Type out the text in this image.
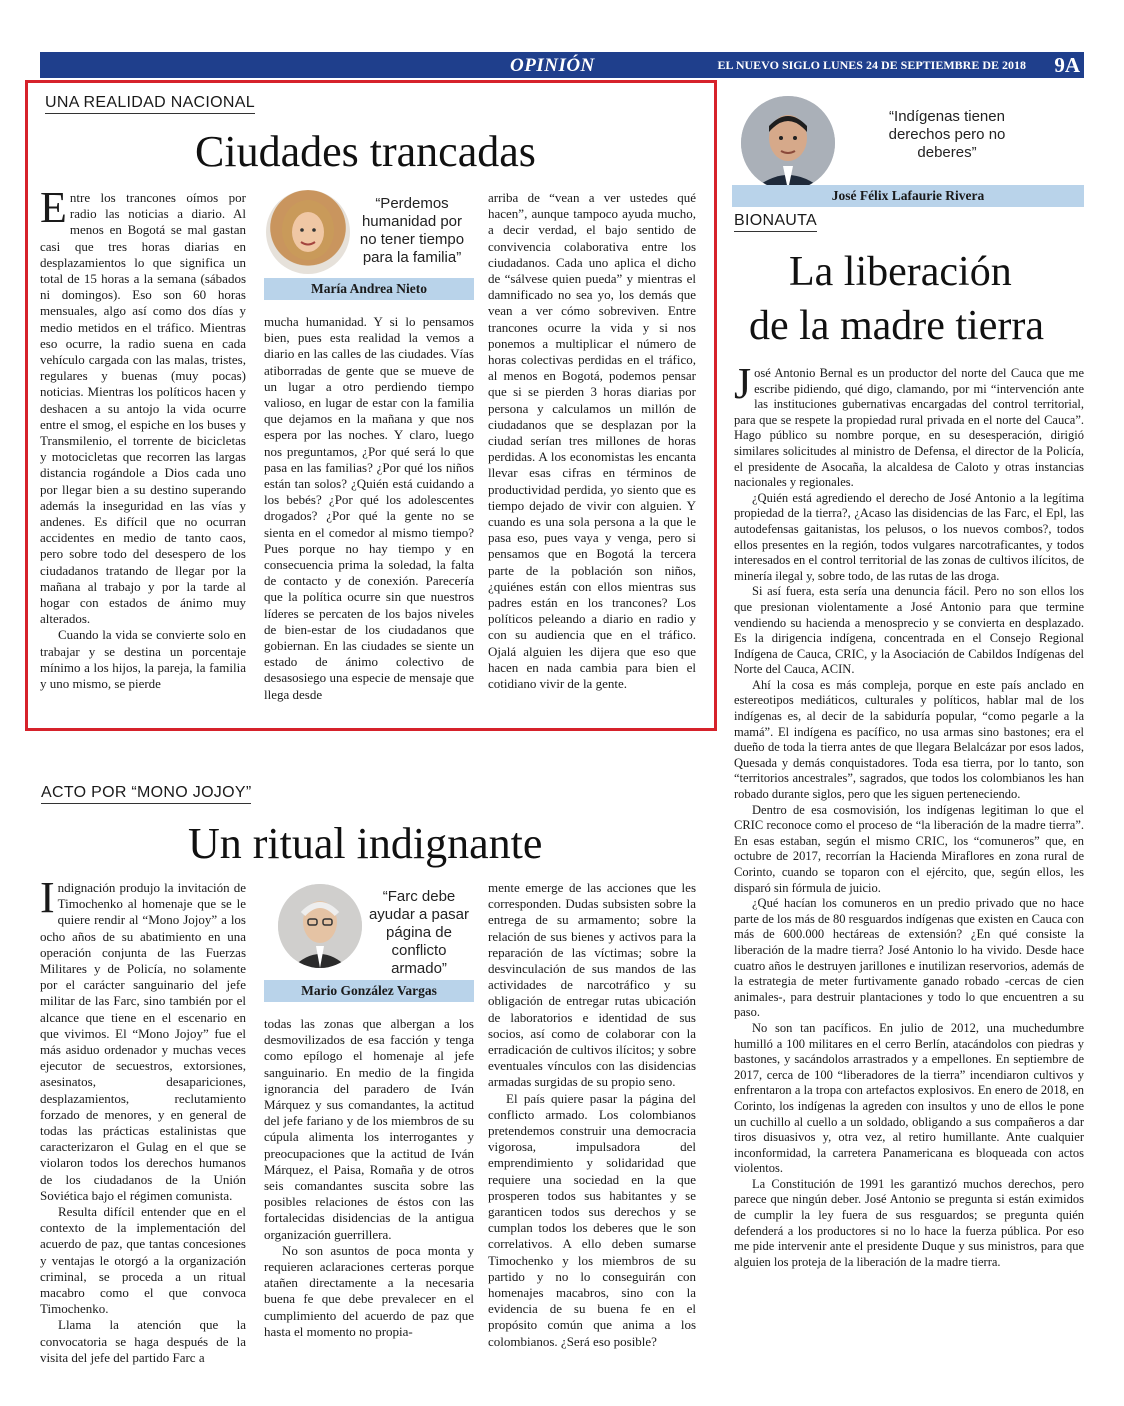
OPINIÓN	EL NUEVO SIGLO LUNES 24 DE SEPTIEMBRE DE 2018 9A
UNA REALIDAD NACIONAL
Ciudades trancadas

Entre los trancones oímos por radio las noticias a diario. Al menos en Bogotá se mal gastan casi que tres horas diarias en desplazamientos lo que significa un total de 15 horas a la semana (sábados ni domingos). Eso son 60 horas mensuales, algo así como dos días y medio metidos en el tráfico. Mientras eso ocurre, la radio suena en cada vehículo cargada con las malas, tristes, regulares y buenas (muy pocas) noticias. Mientras los políticos hacen y deshacen a su antojo la vida ocurre entre el smog, el espiche en los buses y Transmilenio, el torrente de bicicletas y motocicletas que recorren las largas distancia rogándole a Dios cada uno por llegar bien a su destino superando además la inseguridad en las vías y andenes. Es difícil que no ocurran accidentes en medio de tanto caos, pero sobre todo del desespero de los ciudadanos tratando de llegar por la mañana al trabajo y por la tarde al hogar con estados de ánimo muy alterados.

Cuando la vida se convierte solo en trabajar y se destina un porcentaje mínimo a los hijos, la pareja, la familia y uno mismo, se pierde

“Perdemos humanidad por no tener tiempo para la familia”
María Andrea Nieto

mucha humanidad. Y si lo pensamos bien, pues esta realidad la vemos a diario en las calles de las ciudades. Vías atiborradas de gente que se mueve de un lugar a otro perdiendo tiempo valioso, en lugar de estar con la familia que dejamos en la mañana y que nos espera por las noches. Y claro, luego nos preguntamos, ¿Por qué será lo que pasa en las familias? ¿Por qué los niños están tan solos? ¿Quién está cuidando a los bebés? ¿Por qué los adolescentes drogados? ¿Por qué la gente no se sienta en el comedor al mismo tiempo? Pues porque no hay tiempo y en consecuencia prima la soledad, la falta de contacto y de conexión. Parecería que la política ocurre sin que nuestros líderes se percaten de los bajos niveles de bien-estar de los ciudadanos que gobiernan. En las ciudades se siente un estado de ánimo colectivo de desasosiego una especie de mensaje que llega desde

arriba de “vean a ver ustedes qué hacen”, aunque tampoco ayuda mucho, a decir verdad, el bajo sentido de convivencia colaborativa entre los ciudadanos. Cada uno aplica el dicho de “sálvese quien pueda” y mientras el damnificado no sea yo, los demás que vean a ver cómo sobreviven. Entre trancones ocurre la vida y si nos ponemos a multiplicar el número de horas colectivas perdidas en el tráfico, al menos en Bogotá, podemos pensar que si se pierden 3 horas diarias por persona y calculamos un millón de ciudadanos que se desplazan por la ciudad serían tres millones de horas perdidas. A los economistas les encanta llevar esas cifras en términos de productividad perdida, yo siento que es tiempo dejado de vivir con alguien. Y cuando es una sola persona a la que le pasa eso, pues vaya y venga, pero si pensamos que en Bogotá la tercera parte de la población son niños, ¿quiénes están con ellos mientras sus padres están en los trancones? Los políticos peleando a diario en radio y con su audiencia que en el tráfico. Ojalá alguien les dijera que eso que hacen en nada cambia para bien el cotidiano vivir de la gente.

ACTO POR “MONO JOJOY”
Un ritual indignante

Indignación produjo la invitación de Timochenko al homenaje que se le quiere rendir al “Mono Jojoy” a los ocho años de su abatimiento en una operación conjunta de las Fuerzas Militares y de Policía, no solamente por el carácter sanguinario del jefe militar de las Farc, sino también por el alcance que tiene en el escenario en que vivimos. El “Mono Jojoy” fue el más asiduo ordenador y muchas veces ejecutor de secuestros, extorsiones, asesinatos, desapariciones, desplazamientos, reclutamiento forzado de menores, y en general de todas las prácticas estalinistas que caracterizaron el Gulag en el que se violaron todos los derechos humanos de los ciudadanos de la Unión Soviética bajo el régimen comunista.

Resulta difícil entender que en el contexto de la implementación del acuerdo de paz, que tantas concesiones y ventajas le otorgó a la organización criminal, se proceda a un ritual macabro como el que convoca Timochenko.

Llama la atención que la convocatoria se haga después de la visita del jefe del partido Farc a

“Farc debe ayudar a pasar página de conflicto armado”
Mario González Vargas

todas las zonas que albergan a los desmovilizados de esa facción y tenga como epílogo el homenaje al jefe sanguinario. En medio de la fingida ignorancia del paradero de Iván Márquez y sus comandantes, la actitud del jefe fariano y de los miembros de su cúpula alimenta los interrogantes y preocupaciones que la actitud de Iván Márquez, el Paisa, Romaña y de otros seis comandantes suscita sobre las posibles relaciones de éstos con las fortalecidas disidencias de la antigua organización guerrillera.

No son asuntos de poca monta y requieren aclaraciones certeras porque atañen directamente a la necesaria buena fe que debe prevalecer en el cumplimiento del acuerdo de paz que hasta el momento no propia-

mente emerge de las acciones que les corresponden. Dudas subsisten sobre la entrega de su armamento; sobre la relación de sus bienes y activos para la reparación de las víctimas; sobre la desvinculación de sus mandos de las actividades de narcotráfico y su obligación de entregar rutas ubicación de laboratorios e identidad de sus socios, así como de colaborar con la erradicación de cultivos ilícitos; y sobre eventuales vínculos con las disidencias armadas surgidas de su propio seno.

El país quiere pasar la página del conflicto armado. Los colombianos pretendemos construir una democracia vigorosa, impulsadora del emprendimiento y solidaridad que requiere una sociedad en la que prosperen todos sus habitantes y se garanticen todos sus derechos y se cumplan todos los deberes que le son correlativos. A ello deben sumarse Timochenko y los miembros de su partido y no lo conseguirán con homenajes macabros, sino con la evidencia de su buena fe en el propósito común que anima a los colombianos. ¿Será eso posible?

“Indígenas tienen derechos pero no deberes”
José Félix Lafaurie Rivera
BIONAUTA
La liberación
de la madre tierra

José Antonio Bernal es un productor del norte del Cauca que me escribe pidiendo, qué digo, clamando, por mi “intervención ante las instituciones gubernativas encargadas del control territorial, para que se respete la propiedad rural privada en el norte del Cauca”. Hago público su nombre porque, en su desesperación, dirigió similares solicitudes al ministro de Defensa, el director de la Policía, el presidente de Asocaña, la alcaldesa de Caloto y otras instancias nacionales y regionales.

¿Quién está agrediendo el derecho de José Antonio a la legítima propiedad de la tierra?, ¿Acaso las disidencias de las Farc, el Epl, las autodefensas gaitanistas, los pelusos, o los nuevos combos?, todos ellos presentes en la región, todos vulgares narcotraficantes, y todos interesados en el control territorial de las zonas de cultivos ilícitos, de minería ilegal y, sobre todo, de las rutas de las droga.

Si así fuera, esta sería una denuncia fácil. Pero no son ellos los que presionan violentamente a José Antonio para que termine vendiendo su hacienda a menosprecio y se convierta en desplazado. Es la dirigencia indígena, concentrada en el Consejo Regional Indígena de Cauca, CRIC, y la Asociación de Cabildos Indígenas del Norte del Cauca, ACIN.

Ahí la cosa es más compleja, porque en este país anclado en estereotipos mediáticos, culturales y políticos, hablar mal de los indígenas es, al decir de la sabiduría popular, “como pegarle a la mamá”. El indígena es pacífico, no usa armas sino bastones; era el dueño de toda la tierra antes de que llegara Belalcázar por esos lados, Quesada y demás conquistadores. Toda esa tierra, por lo tanto, son “territorios ancestrales”, sagrados, que todos los colombianos les han robado durante siglos, pero que les siguen perteneciendo.

Dentro de esa cosmovisión, los indígenas legitiman lo que el CRIC reconoce como el proceso de “la liberación de la madre tierra”. En esas estaban, según el mismo CRIC, los “comuneros” que, en octubre de 2017, recorrían la Hacienda Miraflores en zona rural de Corinto, cuando se toparon con el ejército, que, según ellos, les disparó sin fórmula de juicio.

¿Qué hacían los comuneros en un predio privado que no hace parte de los más de 80 resguardos indígenas que existen en Cauca con más de 600.000 hectáreas de extensión? ¿En qué consiste la liberación de la madre tierra? José Antonio lo ha vivido. Desde hace cuatro años le destruyen jarillones e inutilizan reservorios, además de la estrategia de meter furtivamente ganado robado -cercas de cien animales-, para destruir plantaciones y todo lo que encuentren a su paso.

No son tan pacíficos. En julio de 2012, una muchedumbre humilló a 100 militares en el cerro Berlín, atacándolos con piedras y bastones, y sacándolos arrastrados y a empellones. En septiembre de 2017, cerca de 100 “liberadores de la tierra” incendiaron cultivos y enfrentaron a la tropa con artefactos explosivos. En enero de 2018, en Corinto, los indígenas la agreden con insultos y uno de ellos le pone un cuchillo al cuello a un soldado, obligando a sus compañeros a dar tiros disuasivos y, otra vez, al retiro humillante. Ante cualquier inconformidad, la carretera Panamericana es bloqueada con actos violentos.

La Constitución de 1991 les garantizó muchos derechos, pero parece que ningún deber. José Antonio se pregunta si están eximidos de cumplir la ley fuera de sus resguardos; se pregunta quién defenderá a los productores si no lo hace la fuerza pública. Por eso me pide intervenir ante el presidente Duque y sus ministros, para que alguien los proteja de la liberación de la madre tierra.
